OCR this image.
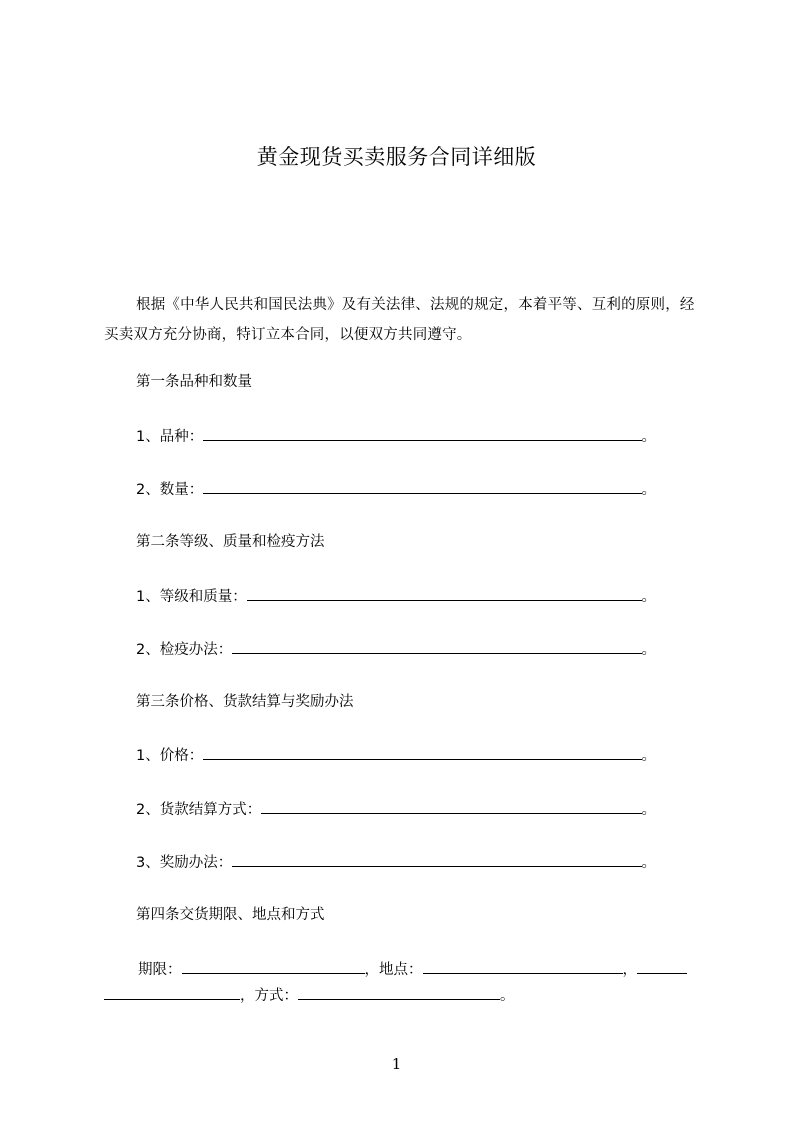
黄金现货买卖服务合同详细版

根据《中华人民共和国民法典》及有关法律、法规的规定，本着平等、互利的原则，经买卖双方充分协商，特订立本合同，以便双方共同遵守。

第一条品种和数量
1、品种：	。
2、数量：	。
第二条等级、质量和检疫方法
1、等级和质量：	。
2、检疫办法：	。
第三条价格、货款结算与奖励办法
1、价格：	。
2、货款结算方式：	。
3、奖励办法：	。
第四条交货期限、地点和方式
期限：	，地点：	，
，方式：	。
1
